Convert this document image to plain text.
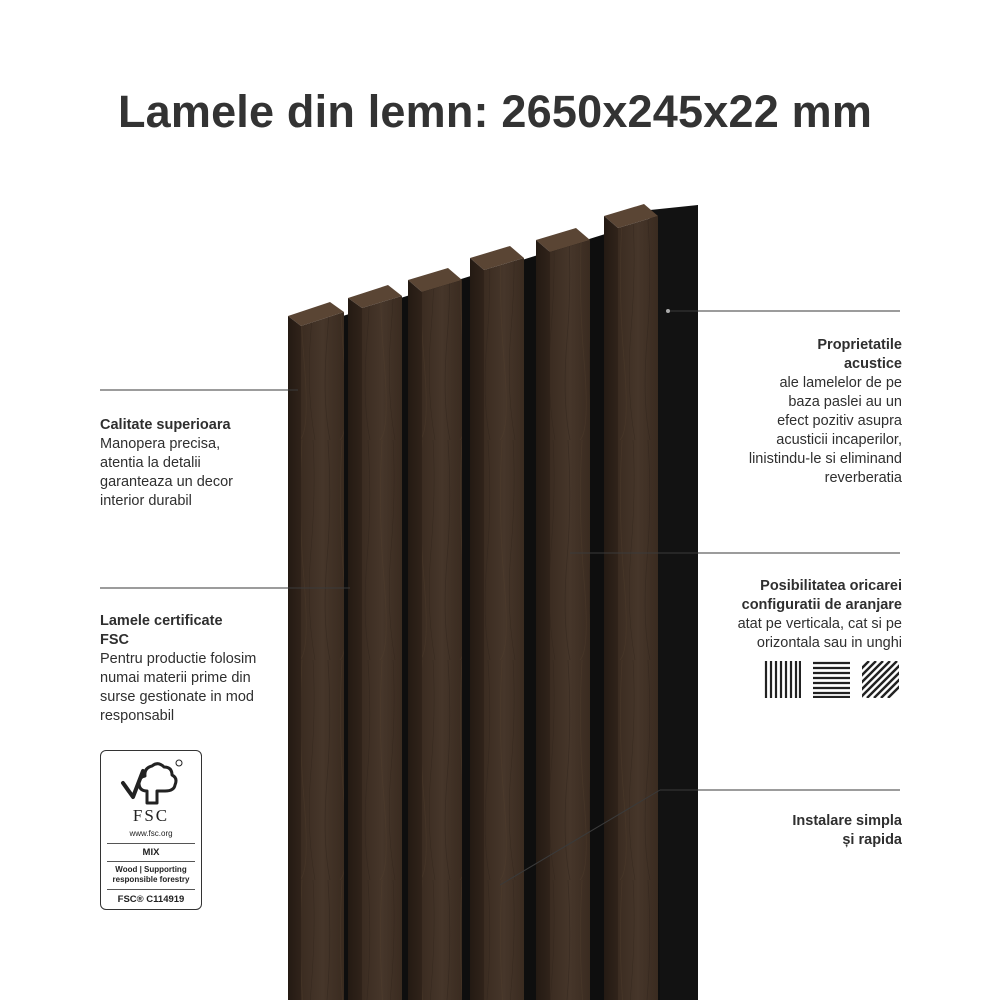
Lamele din lemn: 2650x245x22 mm
Calitate superioara
Manopera precisa,
atentia la detalii
garanteaza un decor
interior durabil
Lamele certificate
FSC
Pentru productie folosim
numai materii prime din
surse gestionate in mod
responsabil
FSC
www.fsc.org
MIX
Wood | Supporting
responsible forestry
FSC® C114919
Proprietatile
acustice
ale lamelelor de pe
baza paslei au un
efect pozitiv asupra
acusticii incaperilor,
linistindu-le si eliminand
reverberatia
Posibilitatea oricarei
configuratii de aranjare
atat pe verticala, cat si pe
orizontala sau in unghi
Instalare simpla
și rapida
